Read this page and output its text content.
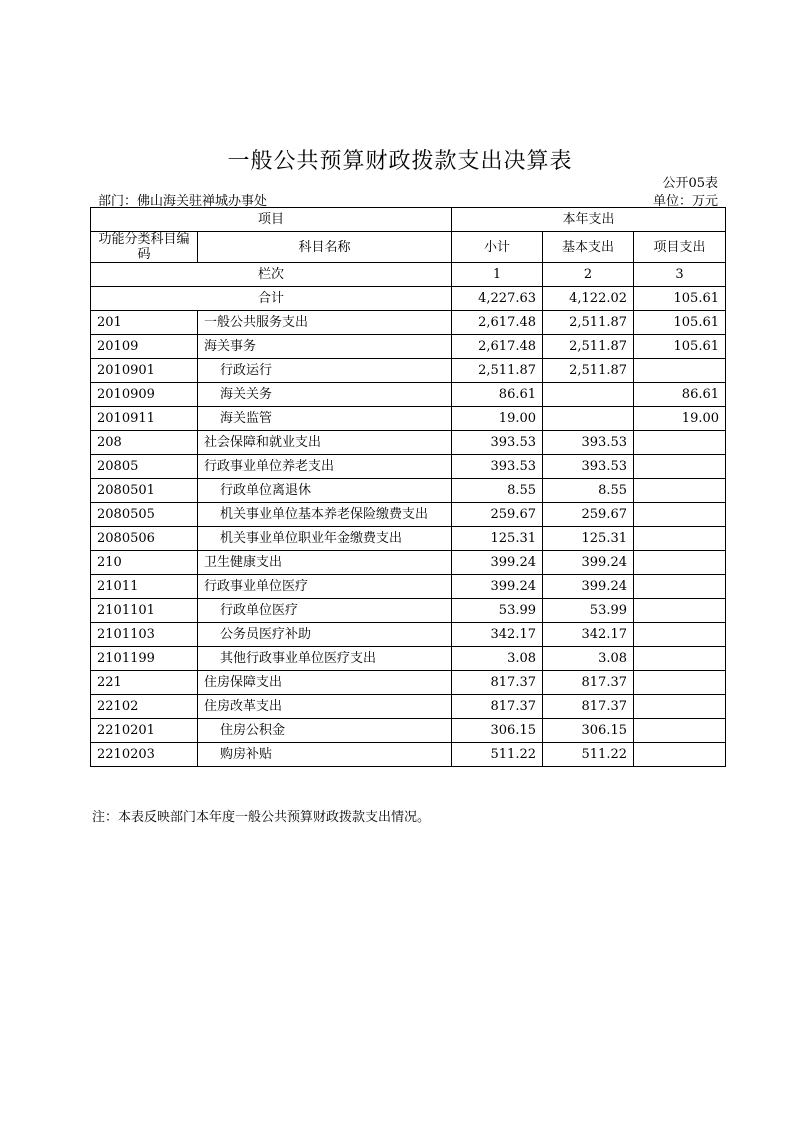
一般公共预算财政拨款支出决算表
公开05表
部门：佛山海关驻禅城办事处	单位：万元
项目		本年支出		
功能分类科目编码	科目名称	小计	基本支出	项目支出
栏次		1	2	3
合计		4,227.63	4,122.02	105.61
201	一般公共服务支出	2,617.48	2,511.87	105.61
20109	海关事务	2,617.48	2,511.87	105.61
2010901	行政运行	2,511.87	2,511.87	
2010909	海关关务	86.61		86.61
2010911	海关监管	19.00		19.00
208	社会保障和就业支出	393.53	393.53	
20805	行政事业单位养老支出	393.53	393.53	
2080501	行政单位离退休	8.55	8.55	
2080505	机关事业单位基本养老保险缴费支出	259.67	259.67	
2080506	机关事业单位职业年金缴费支出	125.31	125.31	
210	卫生健康支出	399.24	399.24	
21011	行政事业单位医疗	399.24	399.24	
2101101	行政单位医疗	53.99	53.99	
2101103	公务员医疗补助	342.17	342.17	
2101199	其他行政事业单位医疗支出	3.08	3.08	
221	住房保障支出	817.37	817.37	
22102	住房改革支出	817.37	817.37	
2210201	住房公积金	306.15	306.15	
2210203	购房补贴	511.22	511.22	
注：本表反映部门本年度一般公共预算财政拨款支出情况。
